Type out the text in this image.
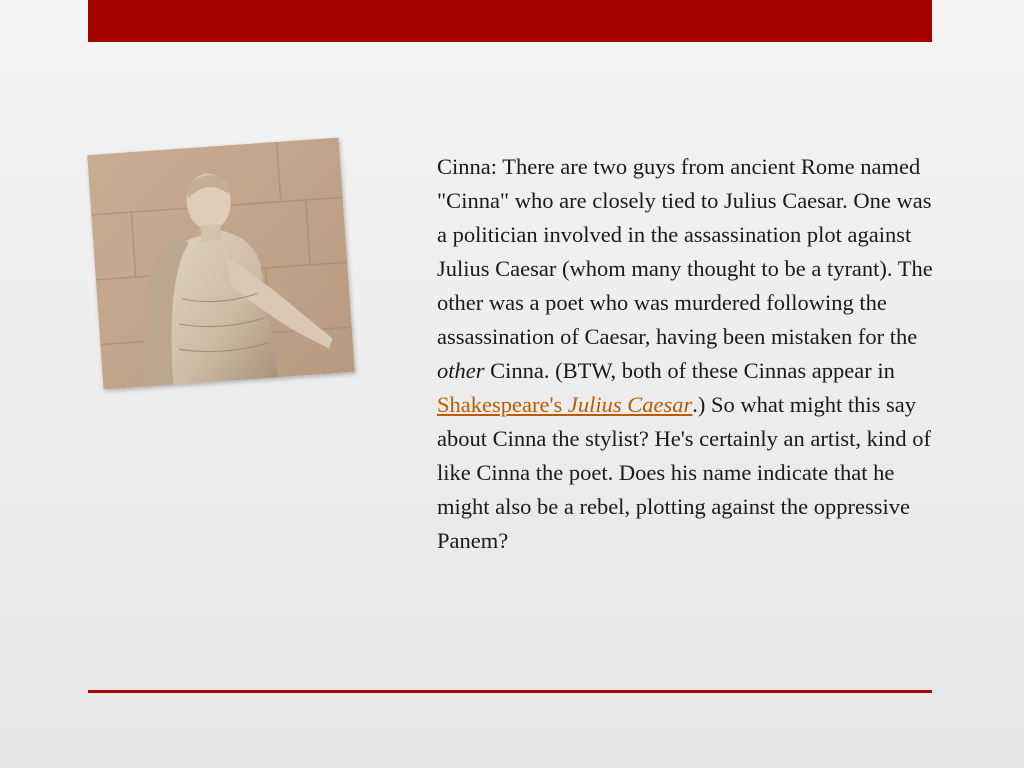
Cinna: There are two guys from ancient Rome named "Cinna" who are closely tied to Julius Caesar. One was a politician involved in the assassination plot against Julius Caesar (whom many thought to be a tyrant). The other was a poet who was murdered following the assassination of Caesar, having been mistaken for the other Cinna. (BTW, both of these Cinnas appear in Shakespeare's Julius Caesar.) So what might this say about Cinna the stylist? He's certainly an artist, kind of like Cinna the poet. Does his name indicate that he might also be a rebel, plotting against the oppressive Panem?
